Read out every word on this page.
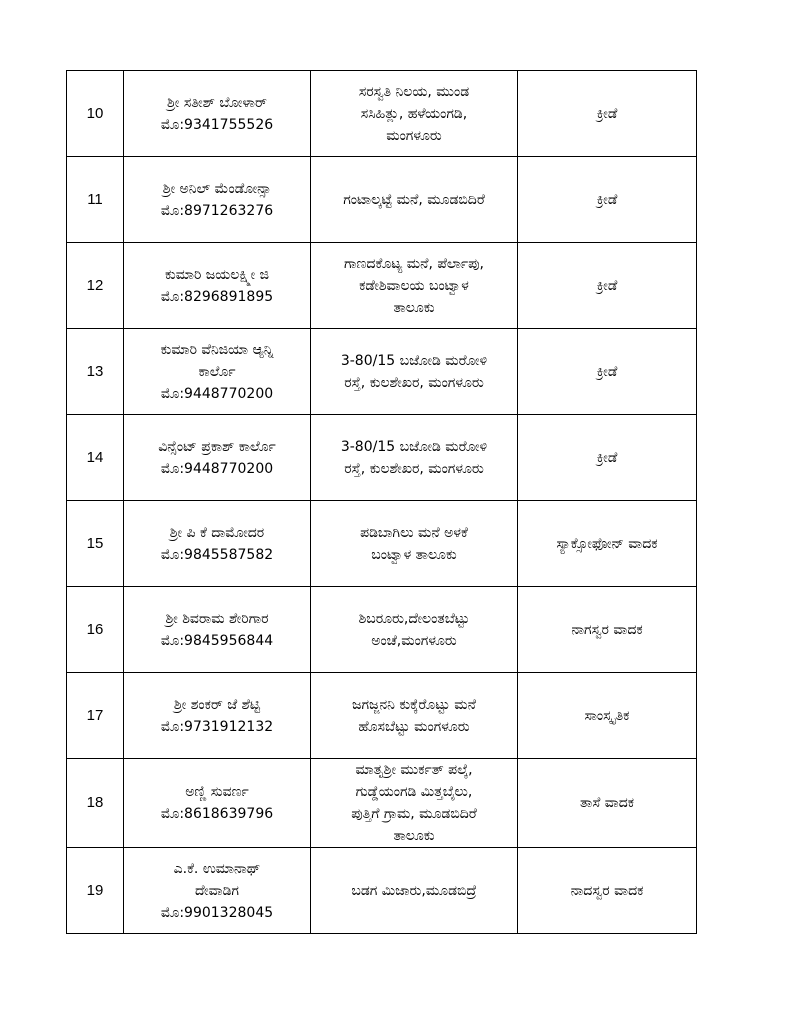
10	ಶ್ರೀ ಸತೀಶ್ ಬೋಳಾರ್
ಮೊ:9341755526	ಸರಸ್ವತಿ ನಿಲಯ, ಮುಂಡ
ಸಸಿಹಿತ್ಲು, ಹಳೆಯಂಗಡಿ,
ಮಂಗಳೂರು	ಕ್ರೀಡೆ

11	ಶ್ರೀ ಅನಿಲ್ ಮೆಂಡೋನ್ಸಾ
ಮೊ:8971263276	ಗಂಟಾಲ್ಕಟ್ಟೆ ಮನೆ, ಮೂಡಬಿದಿರೆ	ಕ್ರೀಡೆ

12	ಕುಮಾರಿ ಜಯಲಕ್ಷ್ಮೀ ಜಿ
ಮೊ:8296891895	ಗಾಣದಕೊಟ್ಯ ಮನೆ, ಪೆರ್ಲಾಪು,
ಕಡೇಶಿವಾಲಯ ಬಂಟ್ವಾಳ
ತಾಲೂಕು	ಕ್ರೀಡೆ

13	ಕುಮಾರಿ ವೆನಿಜಿಯಾ ಆ್ಯನ್ನಿ
ಕಾರ್ಲೊ
ಮೊ:9448770200	3-80/15 ಬಜೋಡಿ ಮರೋಳಿ
ರಸ್ತೆ, ಕುಲಶೇಖರ, ಮಂಗಳೂರು	ಕ್ರೀಡೆ

14	ವಿನ್ಸೆಂಟ್ ಪ್ರಕಾಶ್ ಕಾರ್ಲೊ
ಮೊ:9448770200	3-80/15 ಬಜೋಡಿ ಮರೋಳಿ
ರಸ್ತೆ, ಕುಲಶೇಖರ, ಮಂಗಳೂರು	ಕ್ರೀಡೆ

15	ಶ್ರೀ ಪಿ ಕೆ ದಾಮೋದರ
ಮೊ:9845587582	ಪಡಿಬಾಗಿಲು ಮನೆ ಅಳಕೆ
ಬಂಟ್ವಾಳ ತಾಲೂಕು	ಸ್ಯಾಕ್ಸೋಫೋನ್ ವಾದಕ

16	ಶ್ರೀ ಶಿವರಾಮ ಶೇರಿಗಾರ
ಮೊ:9845956844	ಶಿಬರೂರು,ದೇಲಂತಬೆಟ್ಟು
ಅಂಚೆ,ಮಂಗಳೂರು	ನಾಗಸ್ವರ ವಾದಕ

17	ಶ್ರೀ ಶಂಕರ್ ಜೆ ಶೆಟ್ಟಿ
ಮೊ:9731912132	ಜಗಜ್ಜನನಿ ಕುಕ್ಕೆರೊಟ್ಟು ಮನೆ
ಹೊಸಬೆಟ್ಟು ಮಂಗಳೂರು	ಸಾಂಸ್ಕೃತಿಕ

18	ಅಣ್ಣಿ ಸುವರ್ಣ
ಮೊ:8618639796	ಮಾತೃಶ್ರೀ ಮುರ್ಕತ್ ಪಲ್ಕೆ,
ಗುಡ್ಡೆಯಂಗಡಿ ಮಿತ್ತಬೈಲು,
ಪುತ್ತಿಗೆ ಗ್ರಾಮ, ಮೂಡಬಿದಿರೆ
ತಾಲೂಕು	ತಾಸೆ ವಾದಕ

19	ಎ.ಕೆ. ಉಮಾನಾಥ್
ದೇವಾಡಿಗ
ಮೊ:9901328045	ಬಡಗ ಮಿಜಾರು,ಮೂಡಬಿದ್ರೆ	ನಾದಸ್ವರ ವಾದಕ
